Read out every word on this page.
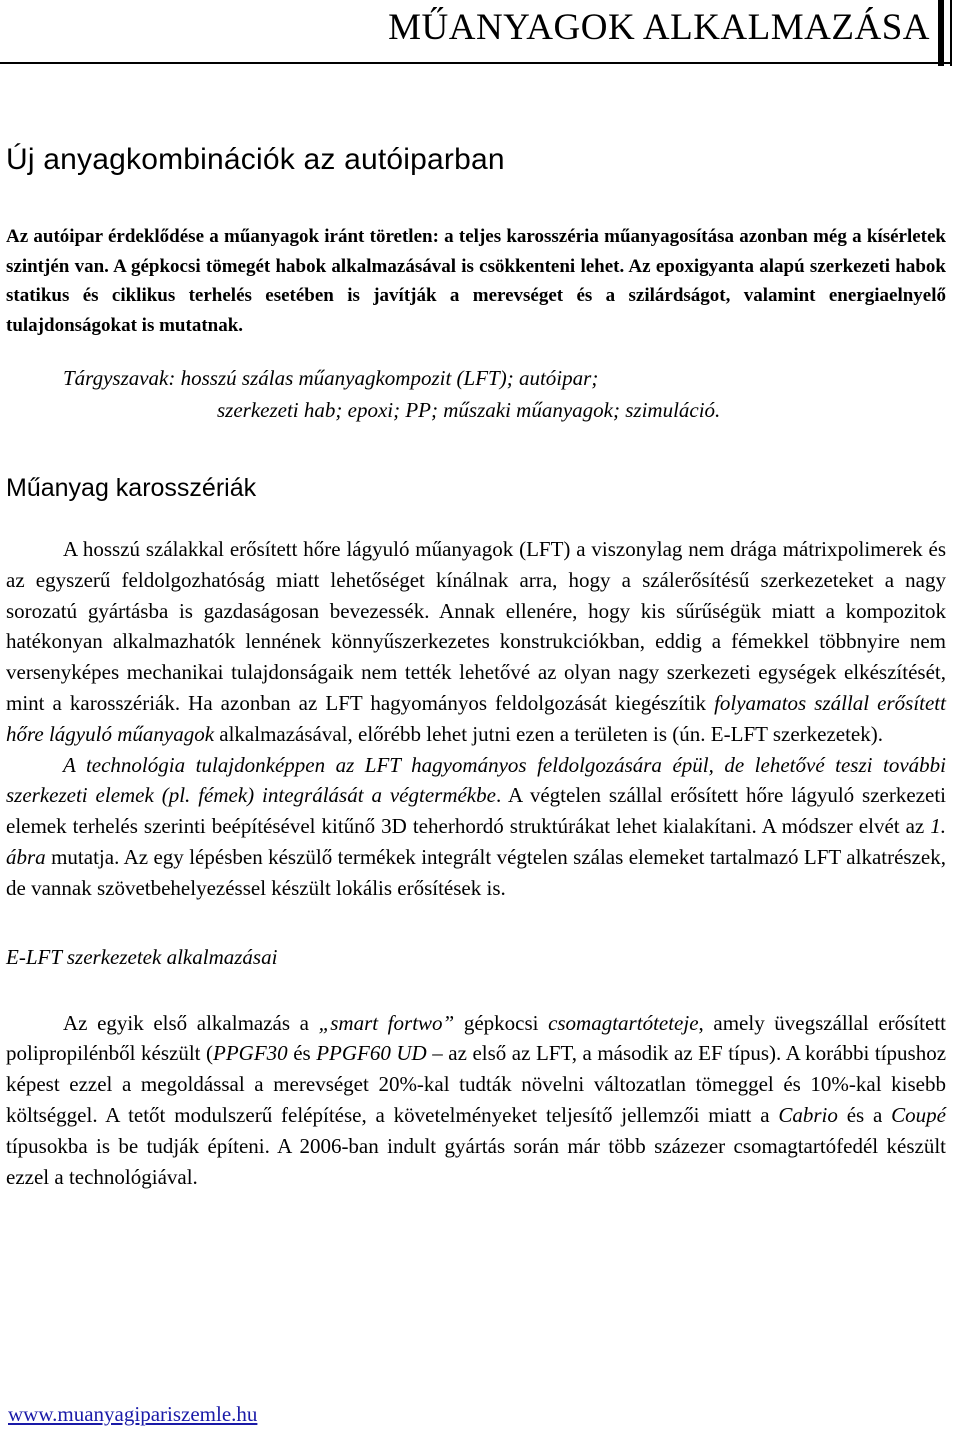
MŰANYAGOK ALKALMAZÁSA
Új anyagkombinációk az autóiparban
Az autóipar érdeklődése a műanyagok iránt töretlen: a teljes karosszéria műanyagosítása azonban még a kísérletek szintjén van. A gépkocsi tömegét habok alkalmazásával is csökkenteni lehet. Az epoxigyanta alapú szerkezeti habok statikus és ciklikus terhelés esetében is javítják a merevséget és a szilárdságot, valamint energiaelnyelő tulajdonságokat is mutatnak.
Tárgyszavak: hosszú szálas műanyagkompozit (LFT); autóipar;
szerkezeti hab; epoxi; PP; műszaki műanyagok; szimuláció.
Műanyag karosszériák

A hosszú szálakkal erősített hőre lágyuló műanyagok (LFT) a viszonylag nem drága mátrixpolimerek és az egyszerű feldolgozhatóság miatt lehetőséget kínálnak arra, hogy a szálerősítésű szerkezeteket a nagy sorozatú gyártásba is gazdaságosan bevezessék. Annak ellenére, hogy kis sűrűségük miatt a kompozitok hatékonyan alkalmazhatók lennének könnyűszerkezetes konstrukciókban, eddig a fémekkel többnyire nem versenyképes mechanikai tulajdonságaik nem tették lehetővé az olyan nagy szerkezeti egységek elkészítését, mint a karosszériák. Ha azonban az LFT hagyományos feldolgozását kiegészítik folyamatos szállal erősített hőre lágyuló műanyagok alkalmazásával, előrébb lehet jutni ezen a területen is (ún. E-LFT szerkezetek).

A technológia tulajdonképpen az LFT hagyományos feldolgozására épül, de lehetővé teszi további szerkezeti elemek (pl. fémek) integrálását a végtermékbe. A végtelen szállal erősített hőre lágyuló szerkezeti elemek terhelés szerinti beépítésével kitűnő 3D teherhordó struktúrákat lehet kialakítani. A módszer elvét az 1. ábra mutatja. Az egy lépésben készülő termékek integrált végtelen szálas elemeket tartalmazó LFT alkatrészek, de vannak szövetbehelyezéssel készült lokális erősítések is.

E-LFT szerkezetek alkalmazásai

Az egyik első alkalmazás a „smart fortwo” gépkocsi csomagtartóteteje, amely üvegszállal erősített polipropilénből készült (PPGF30 és PPGF60 UD – az első az LFT, a második az EF típus). A korábbi típushoz képest ezzel a megoldással a merevséget 20%-kal tudták növelni változatlan tömeggel és 10%-kal kisebb költséggel. A tetőt modulszerű felépítése, a követelményeket teljesítő jellemzői miatt a Cabrio és a Coupé típusokba is be tudják építeni. A 2006-ban indult gyártás során már több százezer csomagtartófedél készült ezzel a technológiával.

www.muanyagipariszemle.hu
